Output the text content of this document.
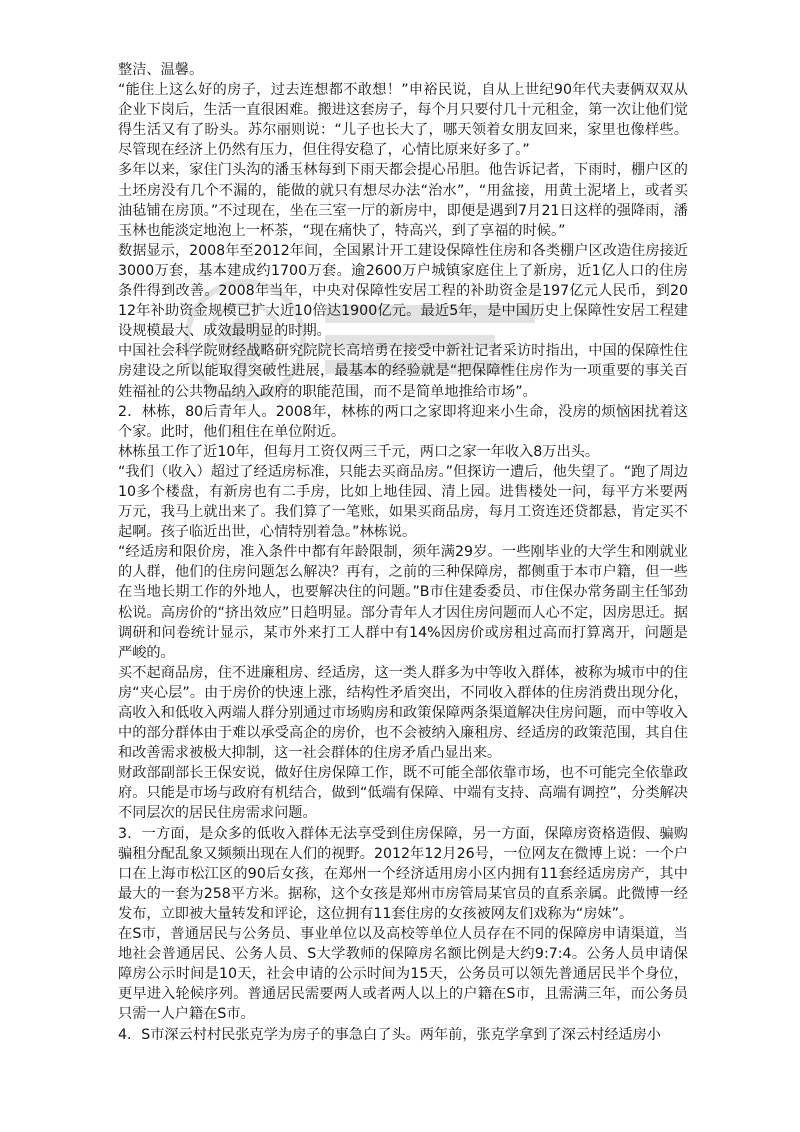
整洁、温馨。

“能住上这么好的房子，过去连想都不敢想！”申裕民说，自从上世纪90年代夫妻俩双双从企业下岗后，生活一直很困难。搬进这套房子，每个月只要付几十元租金，第一次让他们觉得生活又有了盼头。苏尔丽则说：“儿子也长大了，哪天领着女朋友回来，家里也像样些。尽管现在经济上仍然有压力，但住得安稳了，心情比原来好多了。”

多年以来，家住门头沟的潘玉林每到下雨天都会提心吊胆。他告诉记者，下雨时，棚户区的土坯房没有几个不漏的，能做的就只有想尽办法“治水”，“用盆接，用黄土泥堵上，或者买油毡铺在房顶。”不过现在，坐在三室一厅的新房中，即便是遇到7月21日这样的强降雨，潘玉林也能淡定地泡上一杯茶，“现在痛快了，特高兴，到了享福的时候。”

数据显示，2008年至2012年间，全国累计开工建设保障性住房和各类棚户区改造住房接近3000万套，基本建成约1700万套。逾2600万户城镇家庭住上了新房，近1亿人口的住房条件得到改善。2008年当年，中央对保障性安居工程的补助资金是197亿元人民币，到2012年补助资金规模已扩大近10倍达1900亿元。最近5年，是中国历史上保障性安居工程建设规模最大、成效最明显的时期。

中国社会科学院财经战略研究院院长高培勇在接受中新社记者采访时指出，中国的保障性住房建设之所以能取得突破性进展，最基本的经验就是“把保障性住房作为一项重要的事关百姓福祉的公共物品纳入政府的职能范围，而不是简单地推给市场”。

2．林栋，80后青年人。2008年，林栋的两口之家即将迎来小生命，没房的烦恼困扰着这个家。此时，他们租住在单位附近。

林栋虽工作了近10年，但每月工资仅两三千元，两口之家一年收入8万出头。

“我们（收入）超过了经适房标准，只能去买商品房。”但探访一遭后，他失望了。“跑了周边10多个楼盘，有新房也有二手房，比如上地佳园、清上园。进售楼处一问，每平方米要两万元，我马上就出来了。我们算了一笔账，如果买商品房，每月工资连还贷都悬，肯定买不起啊。孩子临近出世，心情特别着急。”林栋说。

“经适房和限价房，准入条件中都有年龄限制，须年满29岁。一些刚毕业的大学生和刚就业的人群，他们的住房问题怎么解决？再有，之前的三种保障房，都侧重于本市户籍，但一些在当地长期工作的外地人，也要解决住的问题。”B市住建委委员、市住保办常务副主任邹劲松说。高房价的“挤出效应”日趋明显。部分青年人才因住房问题而人心不定，因房思迁。据调研和问卷统计显示，某市外来打工人群中有14%因房价或房租过高而打算离开，问题是严峻的。

买不起商品房，住不进廉租房、经适房，这一类人群多为中等收入群体，被称为城市中的住房“夹心层”。由于房价的快速上涨，结构性矛盾突出，不同收入群体的住房消费出现分化，高收入和低收入两端人群分别通过市场购房和政策保障两条渠道解决住房问题，而中等收入中的部分群体由于难以承受高企的房价，也不会被纳入廉租房、经适房的政策范围，其自住和改善需求被极大抑制，这一社会群体的住房矛盾凸显出来。

财政部副部长王保安说，做好住房保障工作，既不可能全部依靠市场，也不可能完全依靠政府。只能是市场与政府有机结合，做到“低端有保障、中端有支持、高端有调控”，分类解决不同层次的居民住房需求问题。

3．一方面，是众多的低收入群体无法享受到住房保障，另一方面，保障房资格造假、骗购骗租分配乱象又频频出现在人们的视野。2012年12月26号，一位网友在微博上说：一个户口在上海市松江区的90后女孩，在郑州一个经济适用房小区内拥有11套经适房房产，其中最大的一套为258平方米。据称，这个女孩是郑州市房管局某官员的直系亲属。此微博一经发布，立即被大量转发和评论，这位拥有11套住房的女孩被网友们戏称为“房妹”。

在S市，普通居民与公务员、事业单位以及高校等单位人员存在不同的保障房申请渠道，当地社会普通居民、公务人员、S大学教师的保障房名额比例是大约9:7:4。公务人员申请保障房公示时间是10天，社会申请的公示时间为15天，公务员可以领先普通居民半个身位，更早进入轮候序列。普通居民需要两人或者两人以上的户籍在S市，且需满三年，而公务员只需一人户籍在S市。

4．S市深云村村民张克学为房子的事急白了头。两年前，张克学拿到了深云村经适房小
